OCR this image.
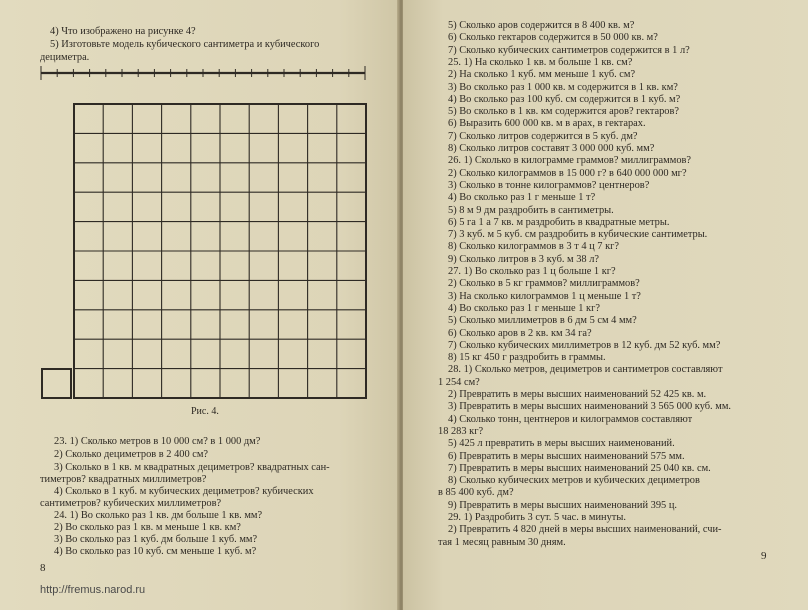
4) Что изображено на рисунке 4?
5) Изготовьте модель кубического сантиметра и кубического
дециметра.
Рис. 4.
23. 1) Сколько метров в 10 000 см? в 1 000 дм?
2) Сколько дециметров в 2 400 см?
3) Сколько в 1 кв. м квадратных дециметров? квадратных сан-
тиметров? квадратных миллиметров?
4) Сколько в 1 куб. м кубических дециметров? кубических
сантиметров? кубических миллиметров?
24. 1) Во сколько раз 1 кв. дм больше 1 кв. мм?
2) Во сколько раз 1 кв. м меньше 1 кв. км?
3) Во сколько раз 1 куб. дм больше 1 куб. мм?
4) Во сколько раз 10 куб. см меньше 1 куб. м?
8
http://fremus.narod.ru
5) Сколько аров содержится в 8 400 кв. м?
6) Сколько гектаров содержится в 50 000 кв. м?
7) Сколько кубических сантиметров содержится в 1 л?
25. 1) На сколько 1 кв. м больше 1 кв. см?
2) На сколько 1 куб. мм меньше 1 куб. см?
3) Во сколько раз 1 000 кв. м содержится в 1 кв. км?
4) Во сколько раз 100 куб. см содержится в 1 куб. м?
5) Во сколько в 1 кв. км содержится аров? гектаров?
6) Выразить 600 000 кв. м в арах, в гектарах.
7) Сколько литров содержится в 5 куб. дм?
8) Сколько литров составят 3 000 000 куб. мм?
26. 1) Сколько в килограмме граммов? миллиграммов?
2) Сколько килограммов в 15 000 г? в 640 000 000 мг?
3) Сколько в тонне килограммов? центнеров?
4) Во сколько раз 1 г меньше 1 т?
5) 8 м 9 дм раздробить в сантиметры.
6) 5 га 1 а 7 кв. м раздробить в квадратные метры.
7) 3 куб. м 5 куб. см раздробить в кубические сантиметры.
8) Сколько килограммов в 3 т 4 ц 7 кг?
9) Сколько литров в 3 куб. м 38 л?
27. 1) Во сколько раз 1 ц больше 1 кг?
2) Сколько в 5 кг граммов? миллиграммов?
3) На сколько килограммов 1 ц меньше 1 т?
4) Во сколько раз 1 г меньше 1 кг?
5) Сколько миллиметров в 6 дм 5 см 4 мм?
6) Сколько аров в 2 кв. км 34 га?
7) Сколько кубических миллиметров в 12 куб. дм 52 куб. мм?
8) 15 кг 450 г раздробить в граммы.
28. 1) Сколько метров, дециметров и сантиметров составляют
1 254 см?
2) Превратить в меры высших наименований 52 425 кв. м.
3) Превратить в меры высших наименований 3 565 000 куб. мм.
4) Сколько тонн, центнеров и килограммов составляют
18 283 кг?
5) 425 л превратить в меры высших наименований.
6) Превратить в меры высших наименований 575 мм.
7) Превратить в меры высших наименований 25 040 кв. см.
8) Сколько кубических метров и кубических дециметров
в 85 400 куб. дм?
9) Превратить в меры высших наименований 395 ц.
29. 1) Раздробить 3 сут. 5 час. в минуты.
2) Превратить 4 820 дней в меры высших наименований, счи-
тая 1 месяц равным 30 дням.
9
